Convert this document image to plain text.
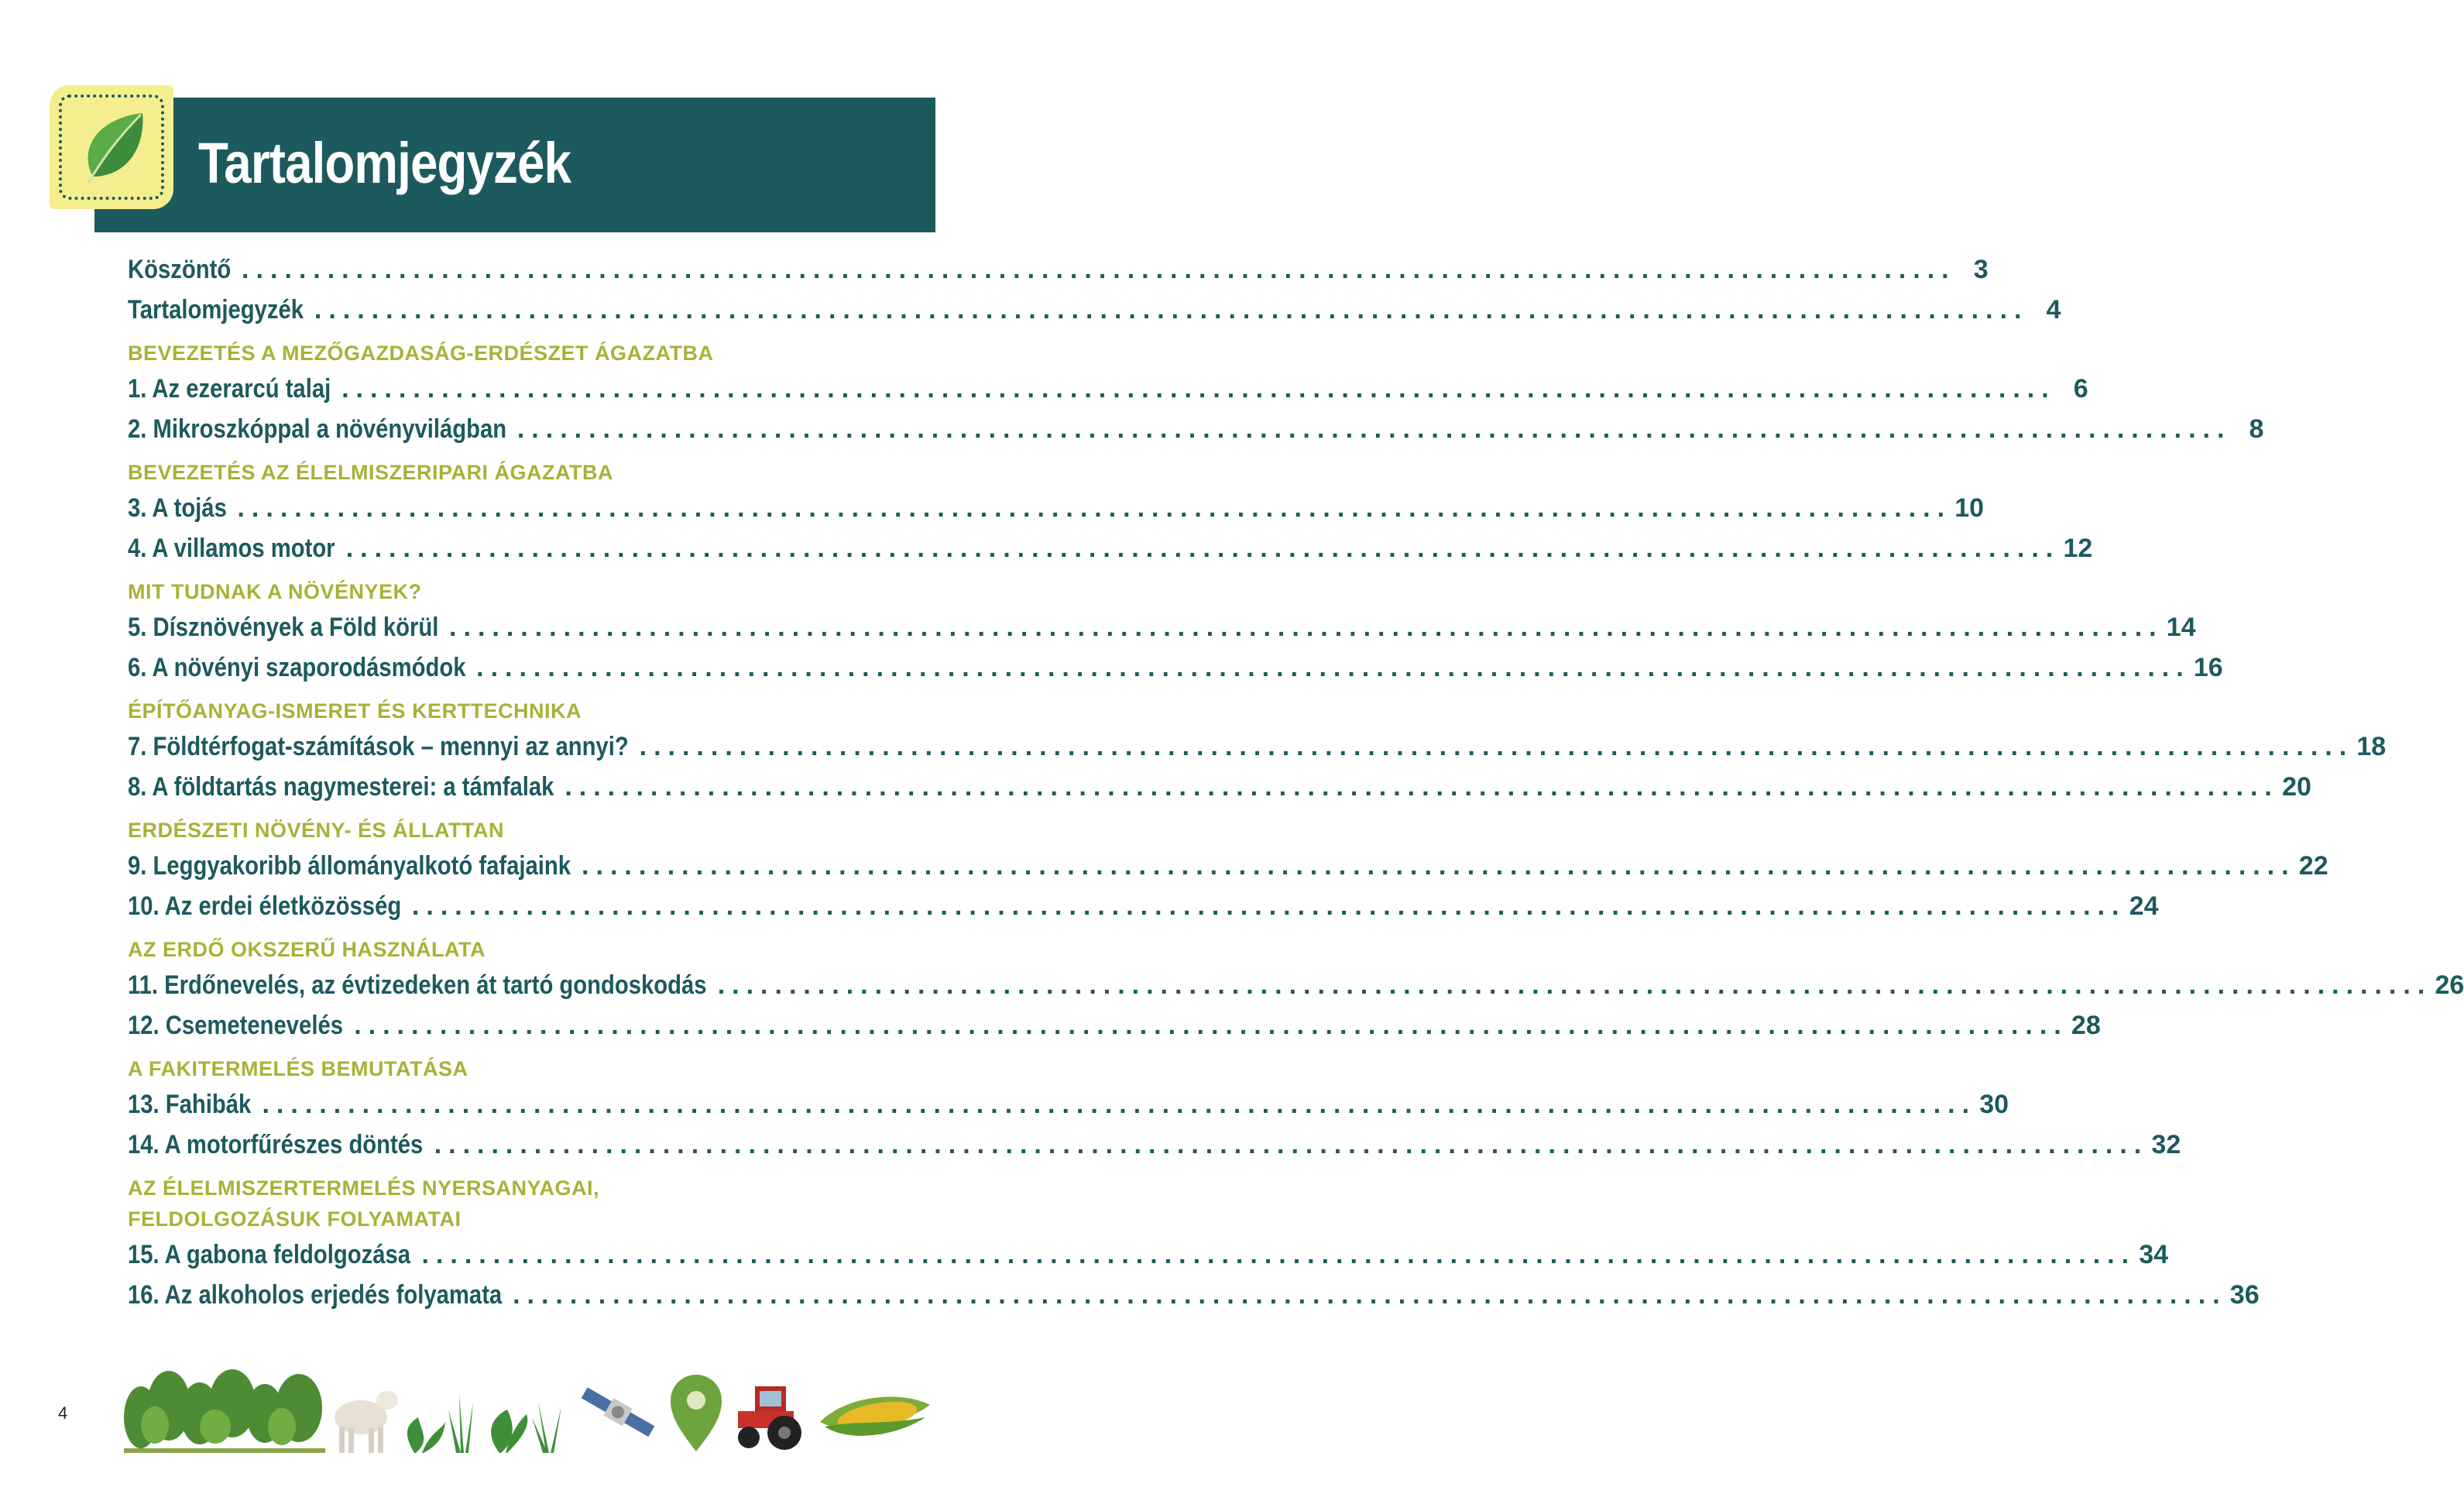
Tartalomjegyzék
Köszöntő ........................................................................................................................ 3
Tartalomjegyzék ........................................................................................................................ 4
BEVEZETÉS A MEZŐGAZDASÁG-ERDÉSZET ÁGAZATBA
1. Az ezerarcú talaj ........................................................................................................................ 6
2. Mikroszkóppal a növényvilágban ........................................................................................................................ 8
BEVEZETÉS AZ ÉLELMISZERIPARI ÁGAZATBA
3. A tojás ........................................................................................................................ 10
4. A villamos motor ........................................................................................................................ 12
MIT TUDNAK A NÖVÉNYEK?
5. Dísznövények a Föld körül ........................................................................................................................ 14
6. A növényi szaporodásmódok ........................................................................................................................ 16
ÉPÍTŐANYAG-ISMERET ÉS KERTTECHNIKA
7. Földtérfogat-számítások – mennyi az annyi? ........................................................................................................................ 18
8. A földtartás nagymesterei: a támfalak ........................................................................................................................ 20
ERDÉSZETI NÖVÉNY- ÉS ÁLLATTAN
9. Leggyakoribb állományalkotó fafajaink ........................................................................................................................ 22
10. Az erdei életközösség ........................................................................................................................ 24
AZ ERDŐ OKSZERŰ HASZNÁLATA
11. Erdőnevelés, az évtizedeken át tartó gondoskodás ........................................................................................................................ 26
12. Csemetenevelés ........................................................................................................................ 28
A FAKITERMELÉS BEMUTATÁSA
13. Fahibák ........................................................................................................................ 30
14. A motorfűrészes döntés ........................................................................................................................ 32
AZ ÉLELMISZERTERMELÉS NYERSANYAGAI,
FELDOLGOZÁSUK FOLYAMATAI
15. A gabona feldolgozása ........................................................................................................................ 34
16. Az alkoholos erjedés folyamata ........................................................................................................................ 36
4
